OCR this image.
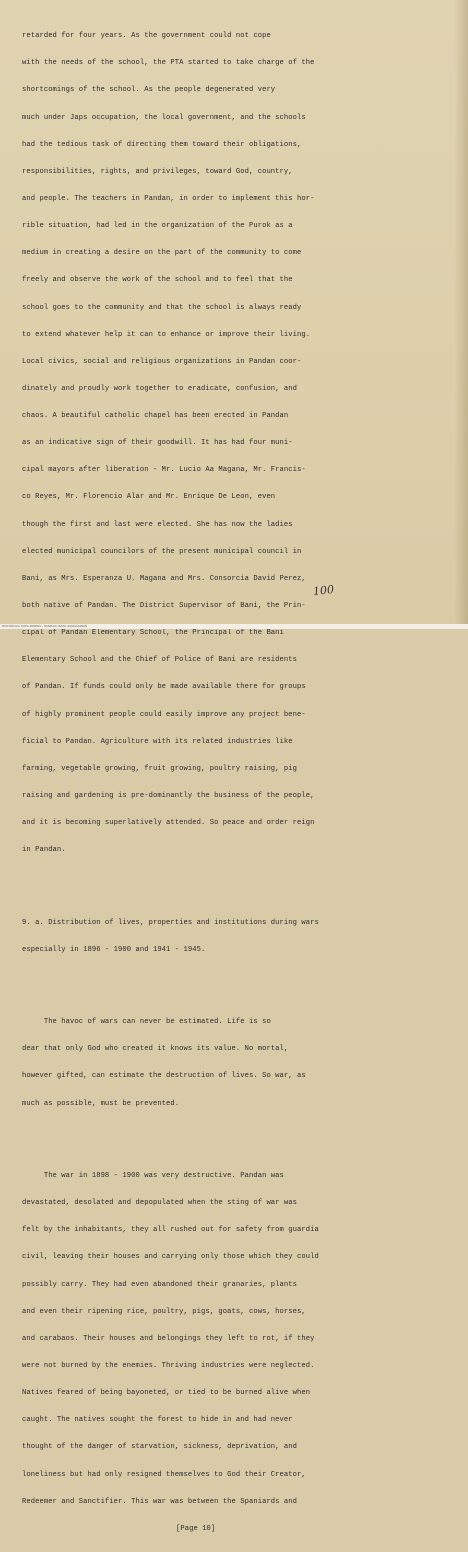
retarded for four years. As the government could not cope

with the needs of the school, the PTA started to take charge of the

shortcomings of the school. As the people degenerated very

much under Japs occupation, the local government, and the schools

had the tedious task of directing them toward their obligations,

responsibilities, rights, and privileges, toward God, country,

and people. The teachers in Pandan, in order to implement this hor-

rible situation, had led in the organization of the Purok as a

medium in creating a desire on the part of the community to come

freely and observe the work of the school and to feel that the

school goes to the community and that the school is always ready

to extend whatever help it can to enhance or improve their living.

Local civics, social and religious organizations in Pandan coor-

dinately and proudly work together to eradicate, confusion, and

chaos. A beautiful catholic chapel has been erected in Pandan

as an indicative sign of their goodwill. It has had four muni-

cipal mayors after liberation - Mr. Lucio Aa Magana, Mr. Francis-

co Reyes, Mr. Florencio Alar and Mr. Enrique De Leon, even

though the first and last were elected. She has now the ladies

elected municipal councilors of the present municipal council in

Bani, as Mrs. Esperanza U. Magana and Mrs. Consorcia David Perez,

both native of Pandan. The District Supervisor of Bani, the Prin-

cipal of Pandan Elementary School, the Principal of the Bani

Elementary School and the Chief of Police of Bani are residents

of Pandan. If funds could only be made available there for groups

of highly prominent people could easily improve any project bene-

ficial to Pandan. Agriculture with its related industries like

farming, vegetable growing, fruit growing, poultry raising, pig

raising and gardening is pre-dominantly the business of the people,

and it is becoming superlatively attended. So peace and order reign

in Pandan.

9. a. Distribution of lives, properties and institutions during wars

especially in 1896 - 1900 and 1941 - 1945.

The havoc of wars can never be estimated. Life is so

dear that only God who created it knows its value. No mortal,

however gifted, can estimate the destruction of lives. So war, as

much as possible, must be prevented.

The war in 1898 - 1900 was very destructive. Pandan was

devastated, desolated and depopulated when the sting of war was

felt by the inhabitants, they all rushed out for safety from guardia

civil, leaving their houses and carrying only those which they could

possibly carry. They had even abandoned their granaries, plants

and even their ripening rice, poultry, pigs, goats, cows, horses,

and carabaos. Their houses and belongings they left to rot, if they

were not burned by the enemies. Thriving industries were neglected.

Natives feared of being bayoneted, or tied to be burned alive when

caught. The natives sought the forest to hide in and had never

thought of the danger of starvation, sickness, deprivation, and

loneliness but had only resigned themselves to God their Creator,

Redeemer and Sanctifier. This war was between the Spaniards and

[Page 10]

100
HISTORICAL DATA PAPERS - PANDAN, BANI, PANGASINAN
